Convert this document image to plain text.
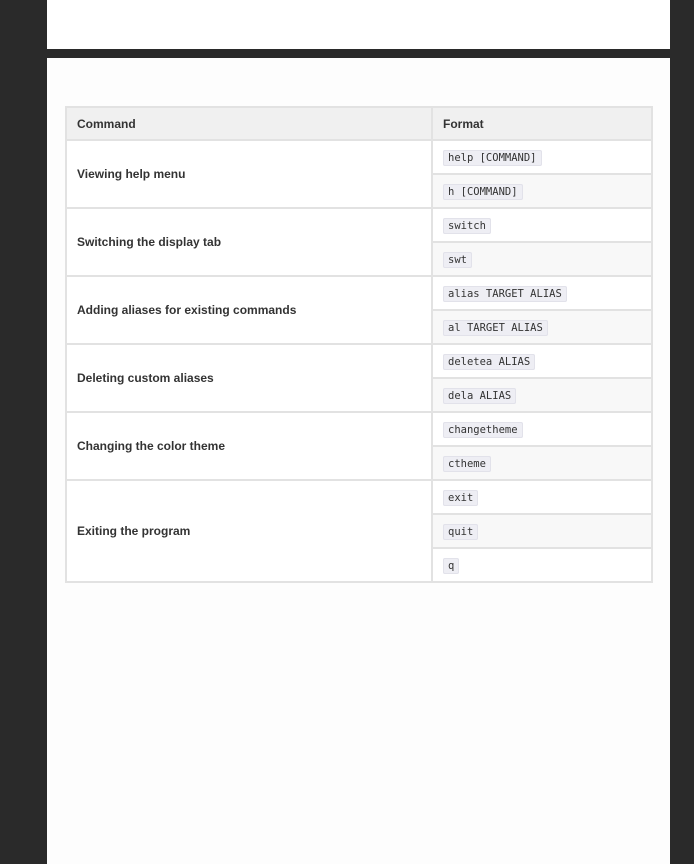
Command	Format
Viewing help menu	help [COMMAND]
	h [COMMAND]
Switching the display tab	switch
	swt
Adding aliases for existing commands	alias TARGET ALIAS
	al TARGET ALIAS
Deleting custom aliases	deletea ALIAS
	dela ALIAS
Changing the color theme	changetheme
	ctheme
Exiting the program	exit
	quit
	q
